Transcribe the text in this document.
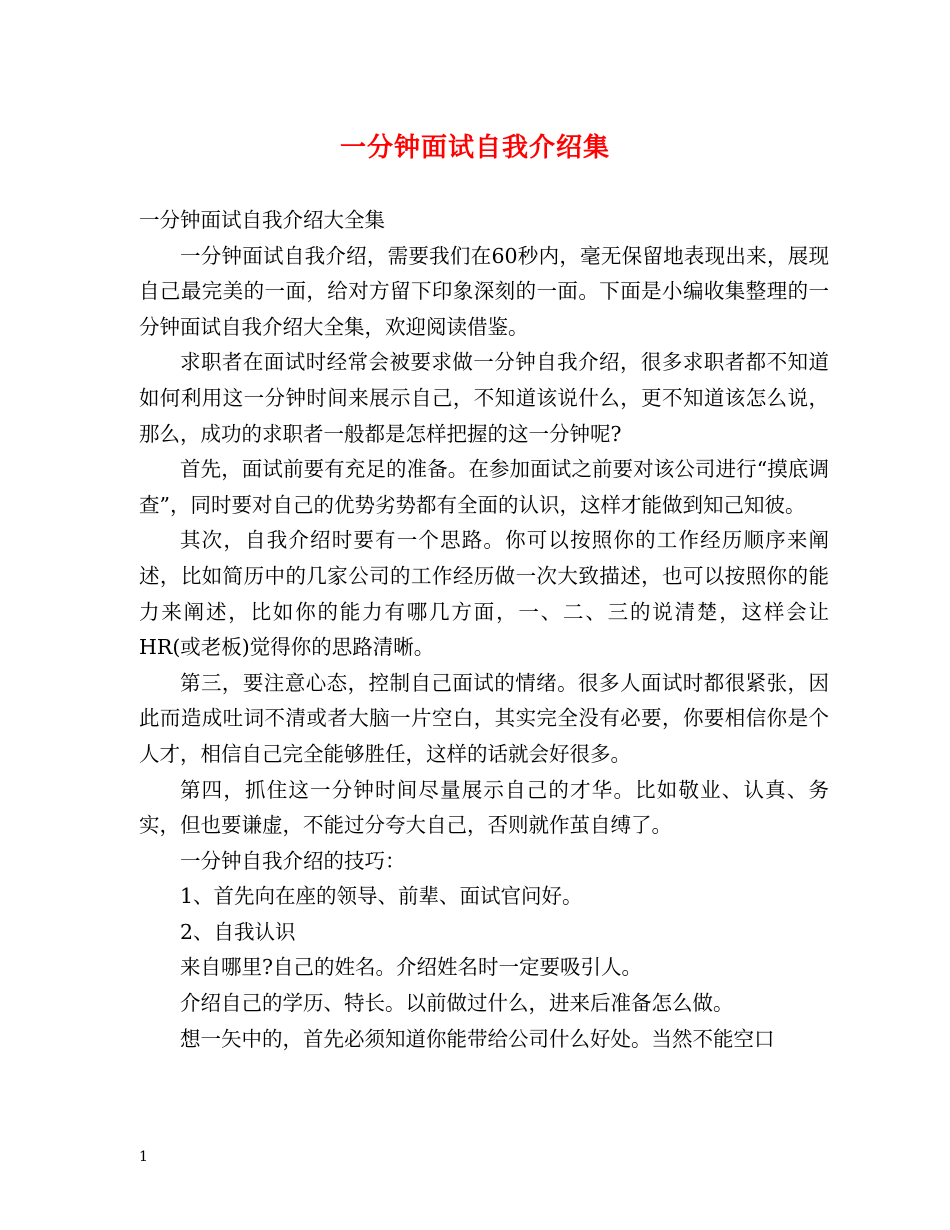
一分钟面试自我介绍集

一分钟面试自我介绍大全集

一分钟面试自我介绍，需要我们在60秒内，毫无保留地表现出来，展现自己最完美的一面，给对方留下印象深刻的一面。下面是小编收集整理的一分钟面试自我介绍大全集，欢迎阅读借鉴。

求职者在面试时经常会被要求做一分钟自我介绍，很多求职者都不知道如何利用这一分钟时间来展示自己，不知道该说什么，更不知道该怎么说，那么，成功的求职者一般都是怎样把握的这一分钟呢?

首先，面试前要有充足的准备。在参加面试之前要对该公司进行“摸底调查”，同时要对自己的优势劣势都有全面的认识，这样才能做到知己知彼。

其次，自我介绍时要有一个思路。你可以按照你的工作经历顺序来阐述，比如简历中的几家公司的工作经历做一次大致描述，也可以按照你的能力来阐述，比如你的能力有哪几方面，一、二、三的说清楚，这样会让HR(或老板)觉得你的思路清晰。

第三，要注意心态，控制自己面试的情绪。很多人面试时都很紧张，因此而造成吐词不清或者大脑一片空白，其实完全没有必要，你要相信你是个人才，相信自己完全能够胜任，这样的话就会好很多。

第四，抓住这一分钟时间尽量展示自己的才华。比如敬业、认真、务实，但也要谦虚，不能过分夸大自己，否则就作茧自缚了。

一分钟自我介绍的技巧：

1、首先向在座的领导、前辈、面试官问好。

2、自我认识

来自哪里?自己的姓名。介绍姓名时一定要吸引人。

介绍自己的学历、特长。以前做过什么，进来后准备怎么做。

想一矢中的，首先必须知道你能带给公司什么好处。当然不能空口

1
